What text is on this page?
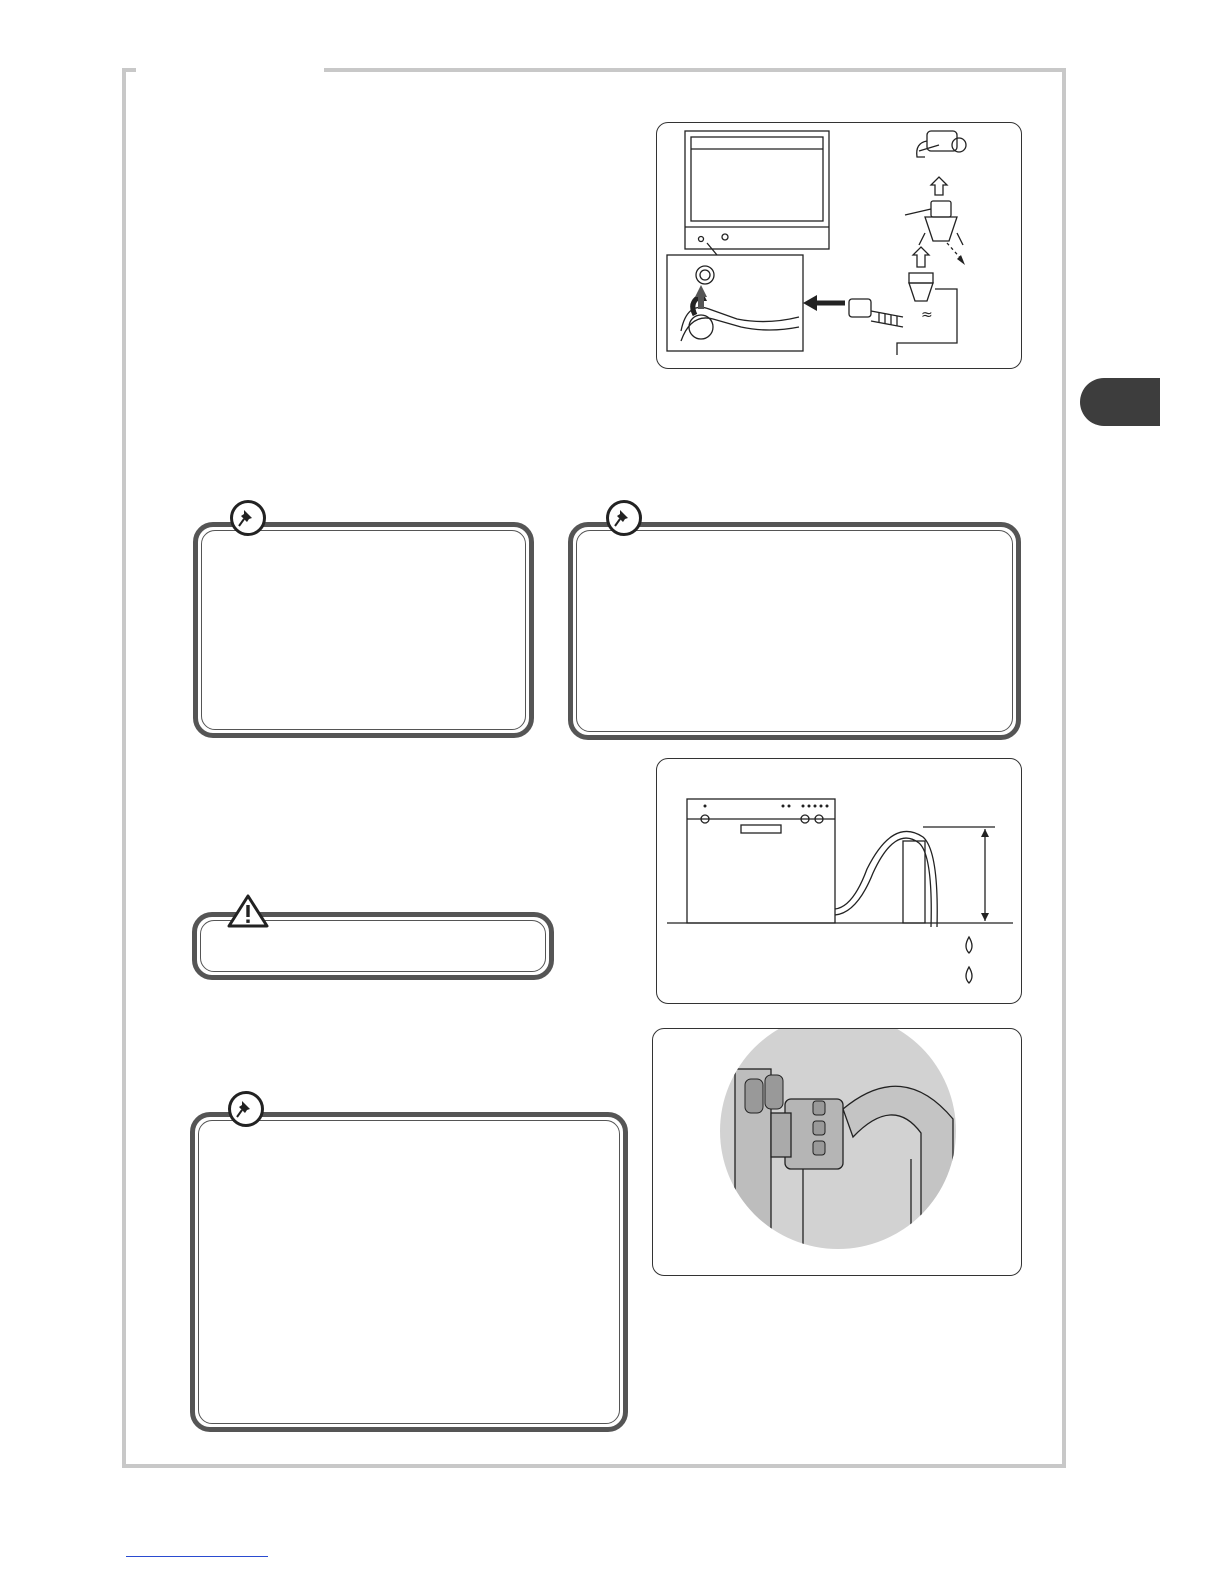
≈
